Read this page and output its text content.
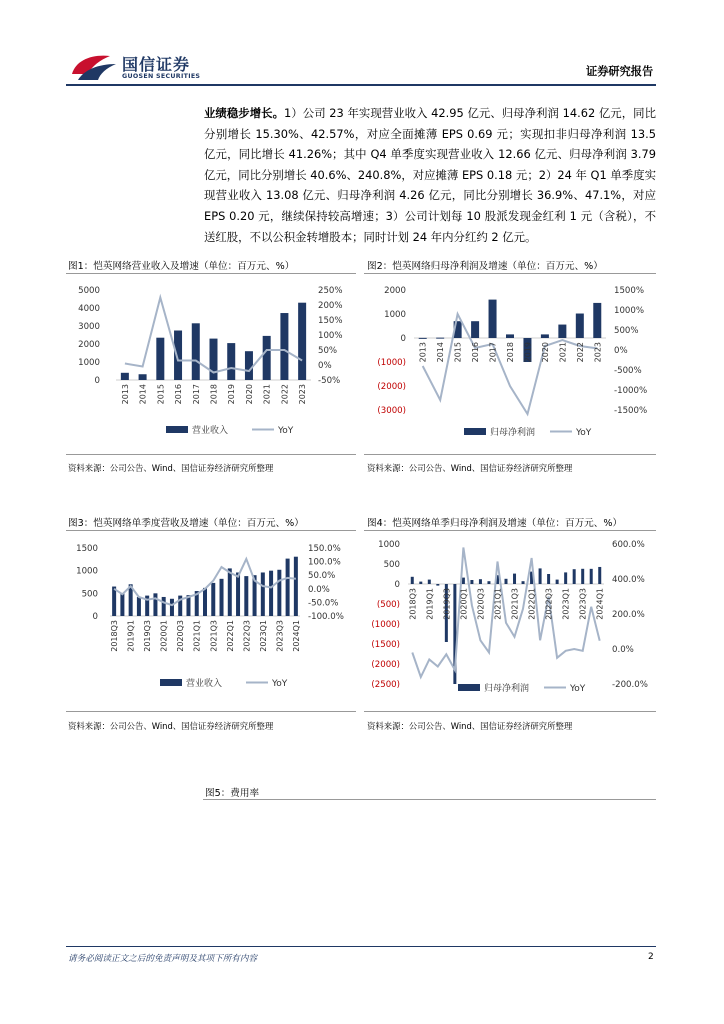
国信证券
GUOSEN SECURITIES	证券研究报告
业绩稳步增长。1）公司 23 年实现营业收入 42.95 亿元、归母净利润 14.62 亿元，同比分别增长 15.30%、42.57%，对应全面摊薄 EPS 0.69 元；实现扣非归母净利润 13.5 亿元，同比增长 41.26%；其中 Q4 单季度实现营业收入 12.66 亿元、归母净利润 3.79 亿元，同比分别增长 40.6%、240.8%，对应摊薄 EPS 0.18 元；2）24 年 Q1 单季度实现营业收入 13.08 亿元、归母净利润 4.26 亿元，同比分别增长 36.9%、47.1%，对应 EPS 0.20 元，继续保持较高增速；3）公司计划每 10 股派发现金红利 1 元（含税），不送红股，不以公积金转增股本；同时计划 24 年内分红约 2 亿元。
图1：恺英网络营业收入及增速（单位：百万元、%）
5000
4000
3000
2000
1000
0
250%
200%
150%
100%
50%
0%
-50%
2013 2014 2015 2016 2017 2018 2019 2020 2021 2022 2023
营业收入	YoY
资料来源：公司公告、Wind、国信证券经济研究所整理
图2：恺英网络归母净利润及增速（单位：百万元、%）
2000
1000
0
(1000)
(2000)
(3000)
1500%
1000%
500%
0%
-500%
-1000%
-1500%
2013 2014 2015 2016 2017 2018 2019 2020 2021 2022 2023
归母净利润	YoY
资料来源：公司公告、Wind、国信证券经济研究所整理
图3：恺英网络单季度营收及增速（单位：百万元、%）
1500
1000
500
0
150.0%
100.0%
50.0%
0.0%
-50.0%
-100.0%
2018Q3 2019Q1 2019Q3 2020Q1 2020Q3 2021Q1 2021Q3 2022Q1 2022Q3 2023Q1 2023Q3 2024Q1
营业收入	YoY
资料来源：公司公告、Wind、国信证券经济研究所整理
图4：恺英网络单季归母净利润及增速（单位：百万元、%）
1000
500
0
(500)
(1000)
(1500)
(2000)
(2500)
600.0%
400.0%
200.0%
0.0%
-200.0%
2018Q3 2019Q1 2019Q3 2020Q1 2020Q3 2021Q1 2021Q3 2022Q1 2022Q3 2023Q1 2023Q3 2024Q1
归母净利润	YoY
资料来源：公司公告、Wind、国信证券经济研究所整理
图5：费用率
请务必阅读正文之后的免责声明及其项下所有内容	2
